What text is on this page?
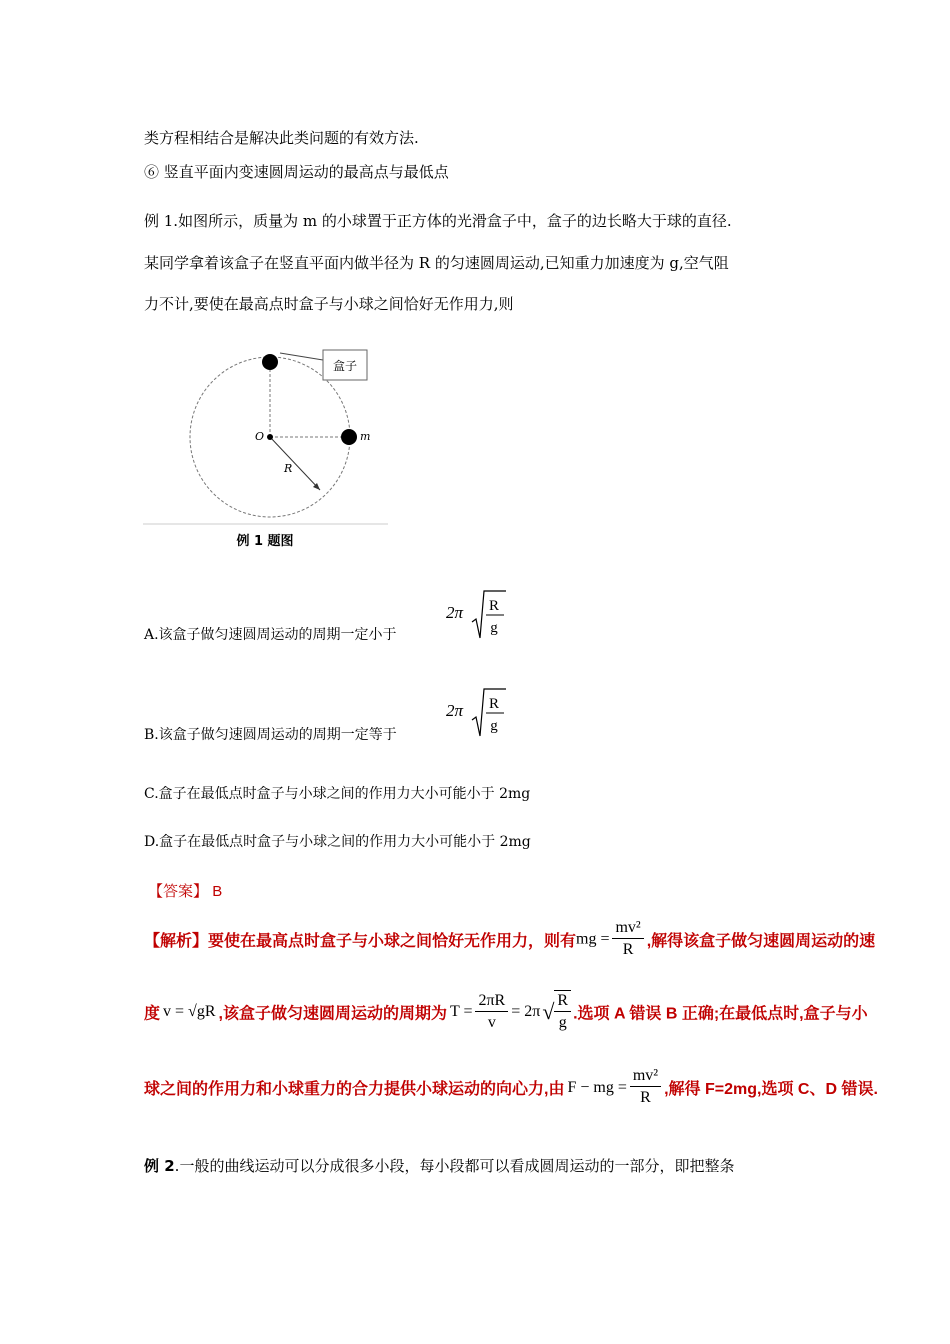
类方程相结合是解决此类问题的有效方法.
⑥ 竖直平面内变速圆周运动的最高点与最低点
例 1.如图所示，质量为 m 的小球置于正方体的光滑盒子中，盒子的边长略大于球的直径.
某同学拿着该盒子在竖直平面内做半径为 R 的匀速圆周运动,已知重力加速度为 g,空气阻
力不计,要使在最高点时盒子与小球之间恰好无作用力,则
盒子
O	m
R
例 1 题图
A.该盒子做匀速圆周运动的周期一定小于
2π R
g
B.该盒子做匀速圆周运动的周期一定等于
2π R
g
C.盒子在最低点时盒子与小球之间的作用力大小可能小于 2mg
D.盒子在最低点时盒子与小球之间的作用力大小可能小于 2mg
【答案】 B
【解析】要使在最高点时盒子与小球之间恰好无作用力，则有mg = $\frac{\text{mv²}}{R}$ ,解得该盒子做匀速圆周运动的速
度 v = √gR ,该盒子做匀速圆周运动的周期为 $T = \frac{2\pi R}{v} = 2\pi√ \frac{R}{g}$ .选项 A 错误 B 正确;在最低点时,盒子与小
球之间的作用力和小球重力的合力提供小球运动的向心力,由 F − mg = $\frac{\text{mv²}}{R}$ ,解得 F=2mg,选项 C、D 错误.
例 2.一般的曲线运动可以分成很多小段，每小段都可以看成圆周运动的一部分，即把整条
